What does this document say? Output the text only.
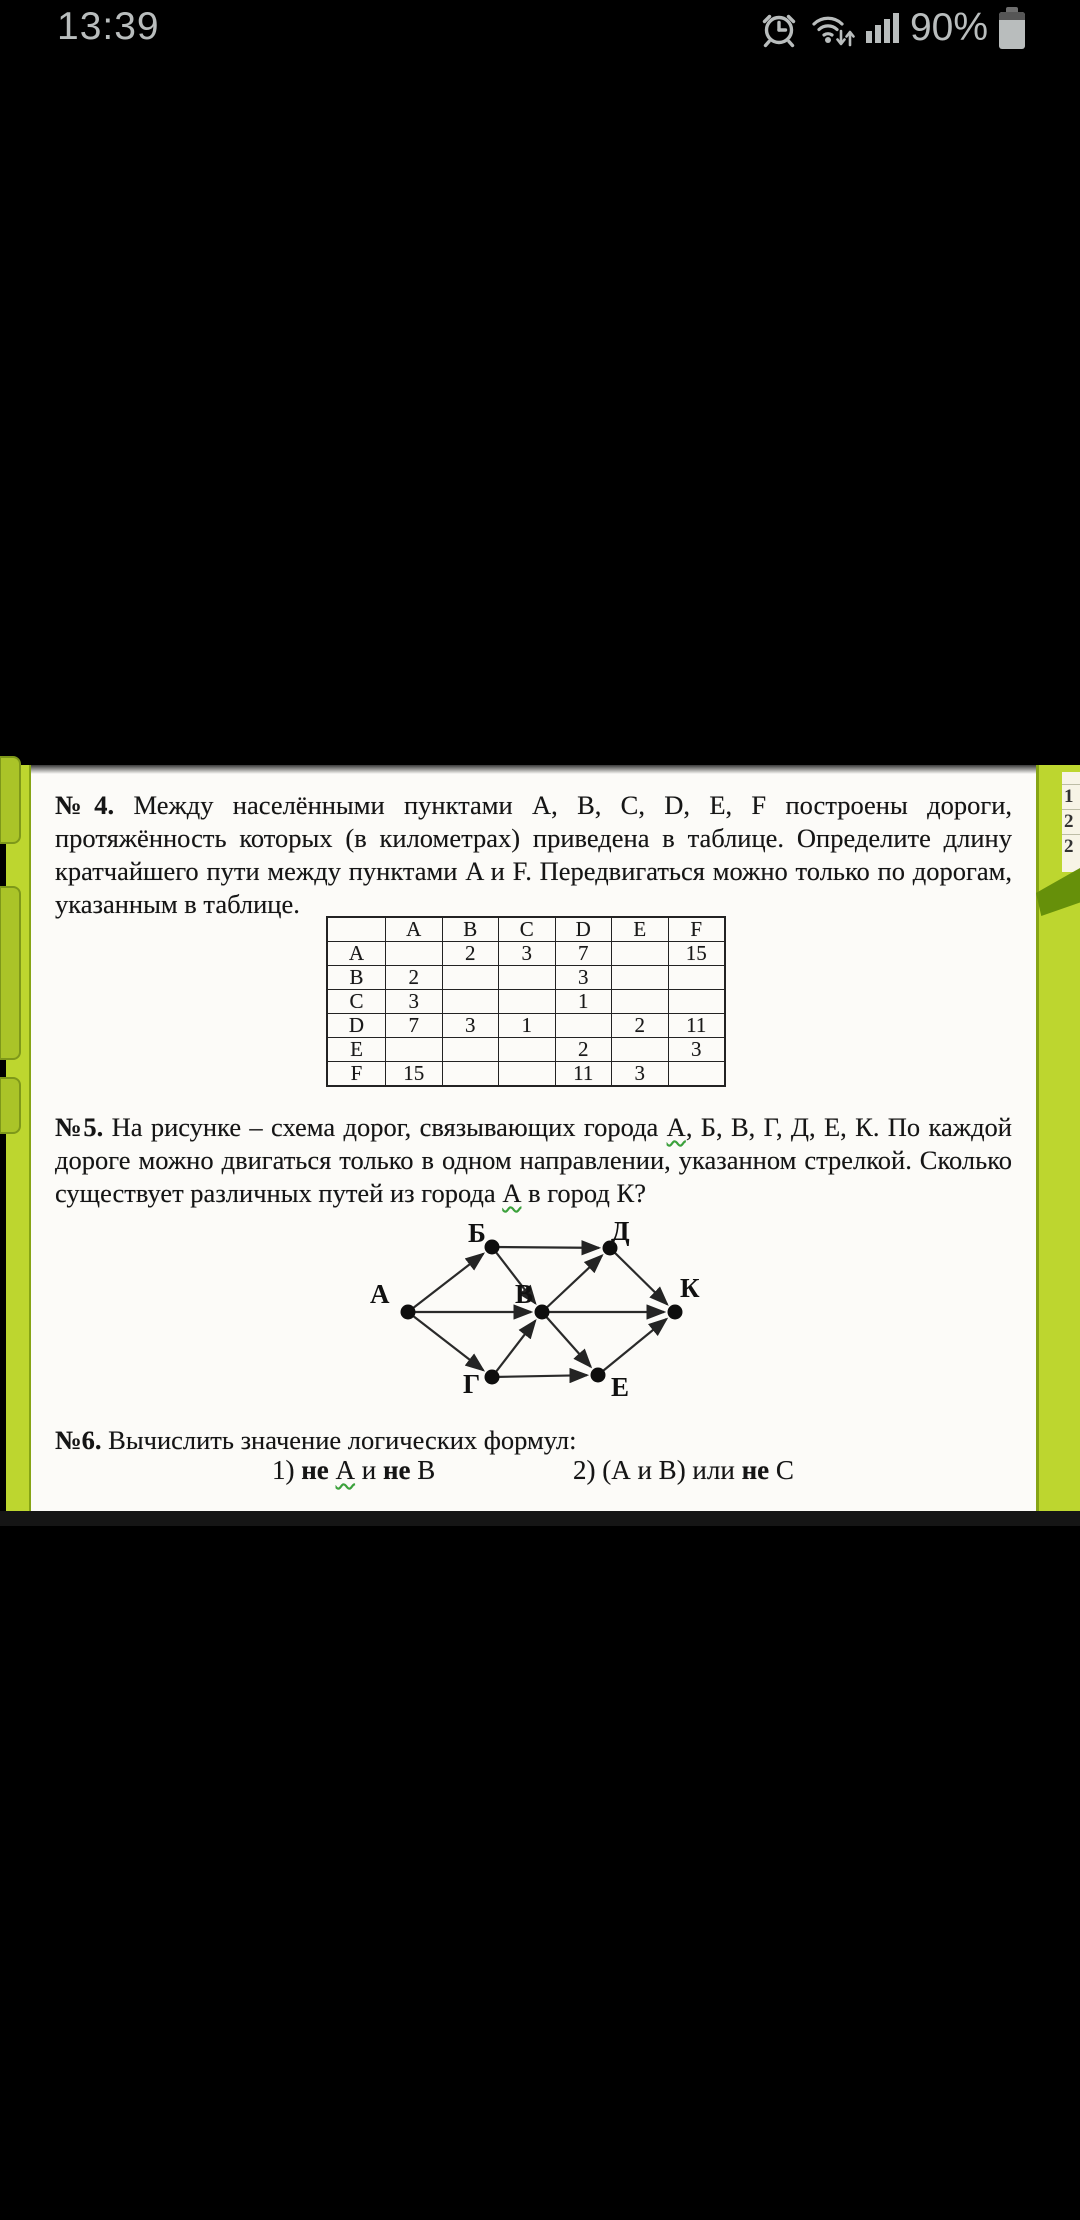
13:39	90%
1
2
2
№4. Между населёнными пунктами A, B, C, D, E, F построены дороги,
протяжённость которых (в километрах) приведена в таблице. Определите длину
кратчайшего пути между пунктами A и F. Передвигаться можно только по дорогам,
указанным в таблице.
	A	B	C	D	E	F
A		2	3	7		15
B	2			3		
C	3			1		
D	7	3	1		2	11
E				2		3
F	15			11	3	
№5. На рисунке – схема дорог, связывающих города А, Б, В, Г, Д, Е, К. По каждой
дороге можно двигаться только в одном направлении, указанном стрелкой. Сколько
существует различных путей из города А в город К?
А
Б	Д
В	К
Г	Е
№6. Вычислить значение логических формул:
1) не А и не В	2) (А и В) или не С
